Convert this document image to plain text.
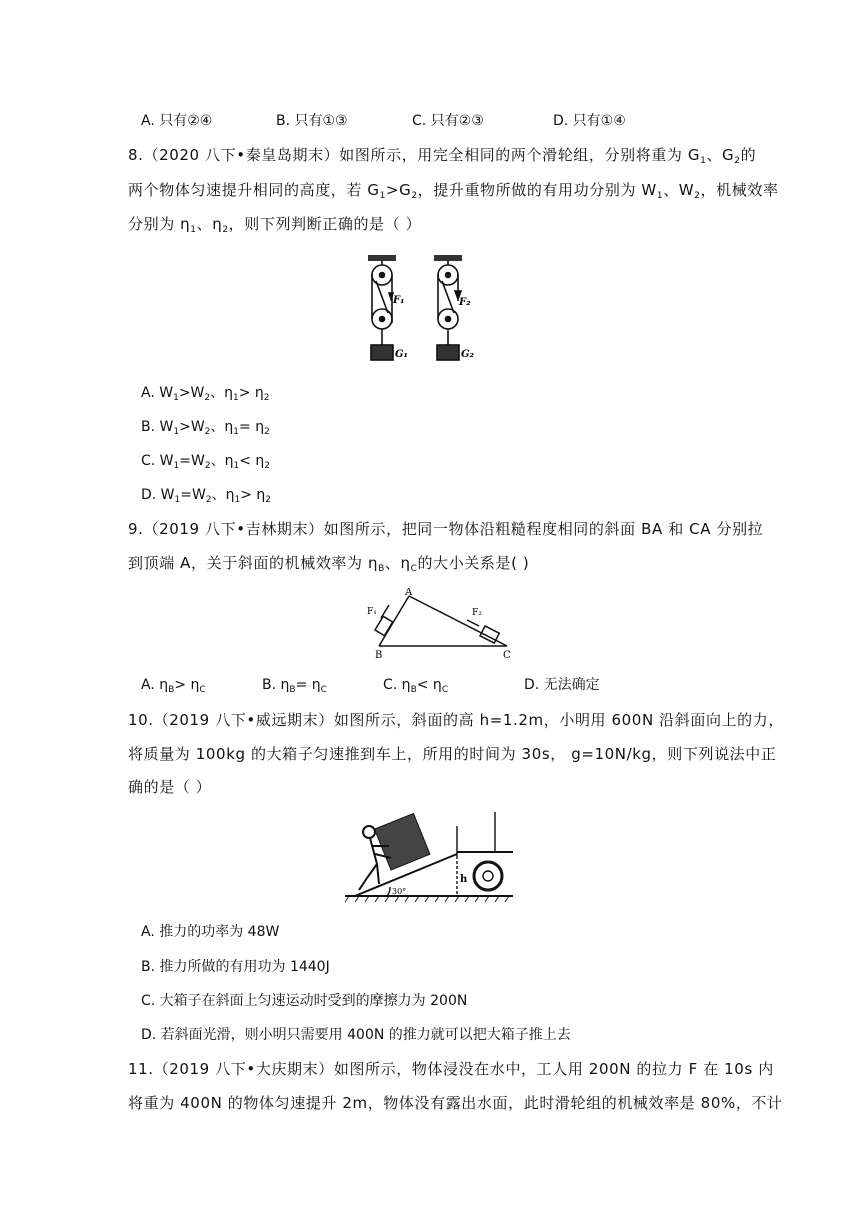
A. 只有②④	B. 只有①③	C. 只有②③	D. 只有①④
8.（2020 八下•秦皇岛期末）如图所示，用完全相同的两个滑轮组，分别将重为 $G_1$、$G_2$的
两个物体匀速提升相同的高度，若 $G_1>G_2$，提升重物所做的有用功分别为 $W_1$、$W_2$，机械效率
分别为 $\eta_1$、$\eta_2$，则下列判断正确的是（ ）
F₁	F₂
G₁	G₂
A. $W_1>W_2$、$\eta_1> \eta_2$
B. $W_1>W_2$、$\eta_1= \eta_2$
C. $W_1=W_2$、$\eta_1< \eta_2$
D. $W_1=W_2$、$\eta_1> \eta_2$
9.（2019 八下•吉林期末）如图所示，把同一物体沿粗糙程度相同的斜面 BA 和 CA 分别拉
到顶端 A，关于斜面的机械效率为 $\eta_B$、$\eta_C$的大小关系是( )
A
B	C
F₁	F₂
A. $\eta_B> \eta_C$	B. $\eta_B= \eta_C$	C. $\eta_B< \eta_C$	D. 无法确定
10.（2019 八下•威远期末）如图所示，斜面的高 h=1.2m，小明用 600N 沿斜面向上的力，
将质量为 100kg 的大箱子匀速推到车上，所用的时间为 30s， g=10N/kg，则下列说法中正
确的是（ ）
30°
h
A. 推力的功率为 48W
B. 推力所做的有用功为 1440J
C. 大箱子在斜面上匀速运动时受到的摩擦力为 200N
D. 若斜面光滑，则小明只需要用 400N 的推力就可以把大箱子推上去
11.（2019 八下•大庆期末）如图所示，物体浸没在水中，工人用 200N 的拉力 F 在 10s 内
将重为 400N 的物体匀速提升 2m，物体没有露出水面，此时滑轮组的机械效率是 80%，不计
